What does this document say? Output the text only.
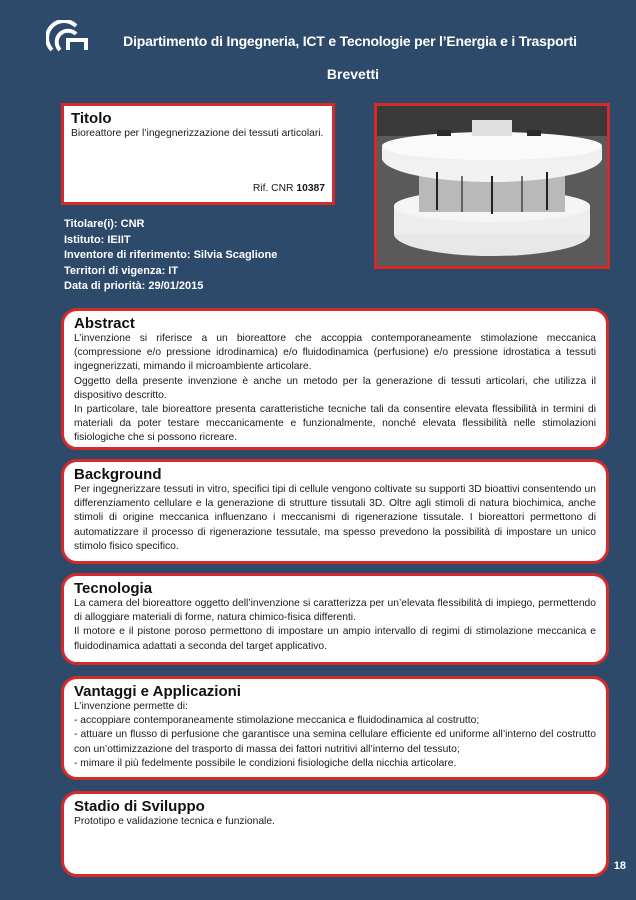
Dipartimento di Ingegneria, ICT e Tecnologie per l’Energia e i Trasporti
Brevetti
Titolo

Bioreattore per l’ingegnerizzazione dei tessuti articolari.

Rif. CNR 10387
Titolare(i): CNR
Istituto: IEIIT
Inventore di riferimento: Silvia Scaglione
Territori di vigenza: IT
Data di priorità: 29/01/2015
Abstract

L’invenzione si riferisce a un bioreattore che accoppia contemporaneamente stimolazione meccanica (compressione e/o pressione idrodinamica) e/o fluidodinamica (perfusione) e/o pressione idrostatica a tessuti ingegnerizzati, mimando il microambiente articolare.

Oggetto della presente invenzione è anche un metodo per la generazione di tessuti articolari, che utilizza il dispositivo descritto.

In particolare, tale bioreattore presenta caratteristiche tecniche tali da consentire elevata flessibilità in termini di materiali da poter testare meccanicamente e funzionalmente, nonché elevata flessibilità nelle stimolazioni fisiologiche che si possono ricreare.

Background

Per ingegnerizzare tessuti in vitro, specifici tipi di cellule vengono coltivate su supporti 3D bioattivi consentendo un differenziamento cellulare e la generazione di strutture tissutali 3D. Oltre agli stimoli di natura biochimica, anche stimoli di origine meccanica influenzano i meccanismi di rigenerazione tissutale. I bioreattori permettono di automatizzare il processo di rigenerazione tessutale, ma spesso prevedono la possibilità di impostare un unico stimolo fisico specifico.

Tecnologia

La camera del bioreattore oggetto dell’invenzione si caratterizza per un’elevata flessibilità di impiego, permettendo di alloggiare materiali di forme, natura chimico-fisica differenti.

Il motore e il pistone poroso permettono di impostare un ampio intervallo di regimi di stimolazione meccanica e fluidodinamica adattati a seconda del target applicativo.

Vantaggi e Applicazioni

L’invenzione permette di:

- accoppiare contemporaneamente stimolazione meccanica e fluidodinamica al costrutto;

- attuare un flusso di perfusione che garantisce una semina cellulare efficiente ed uniforme all’interno del costrutto con un’ottimizzazione del trasporto di massa dei fattori nutritivi all’interno del tessuto;

- mimare il più fedelmente possibile le condizioni fisiologiche della nicchia articolare.

Stadio di Sviluppo

Prototipo e validazione tecnica e funzionale.

18
